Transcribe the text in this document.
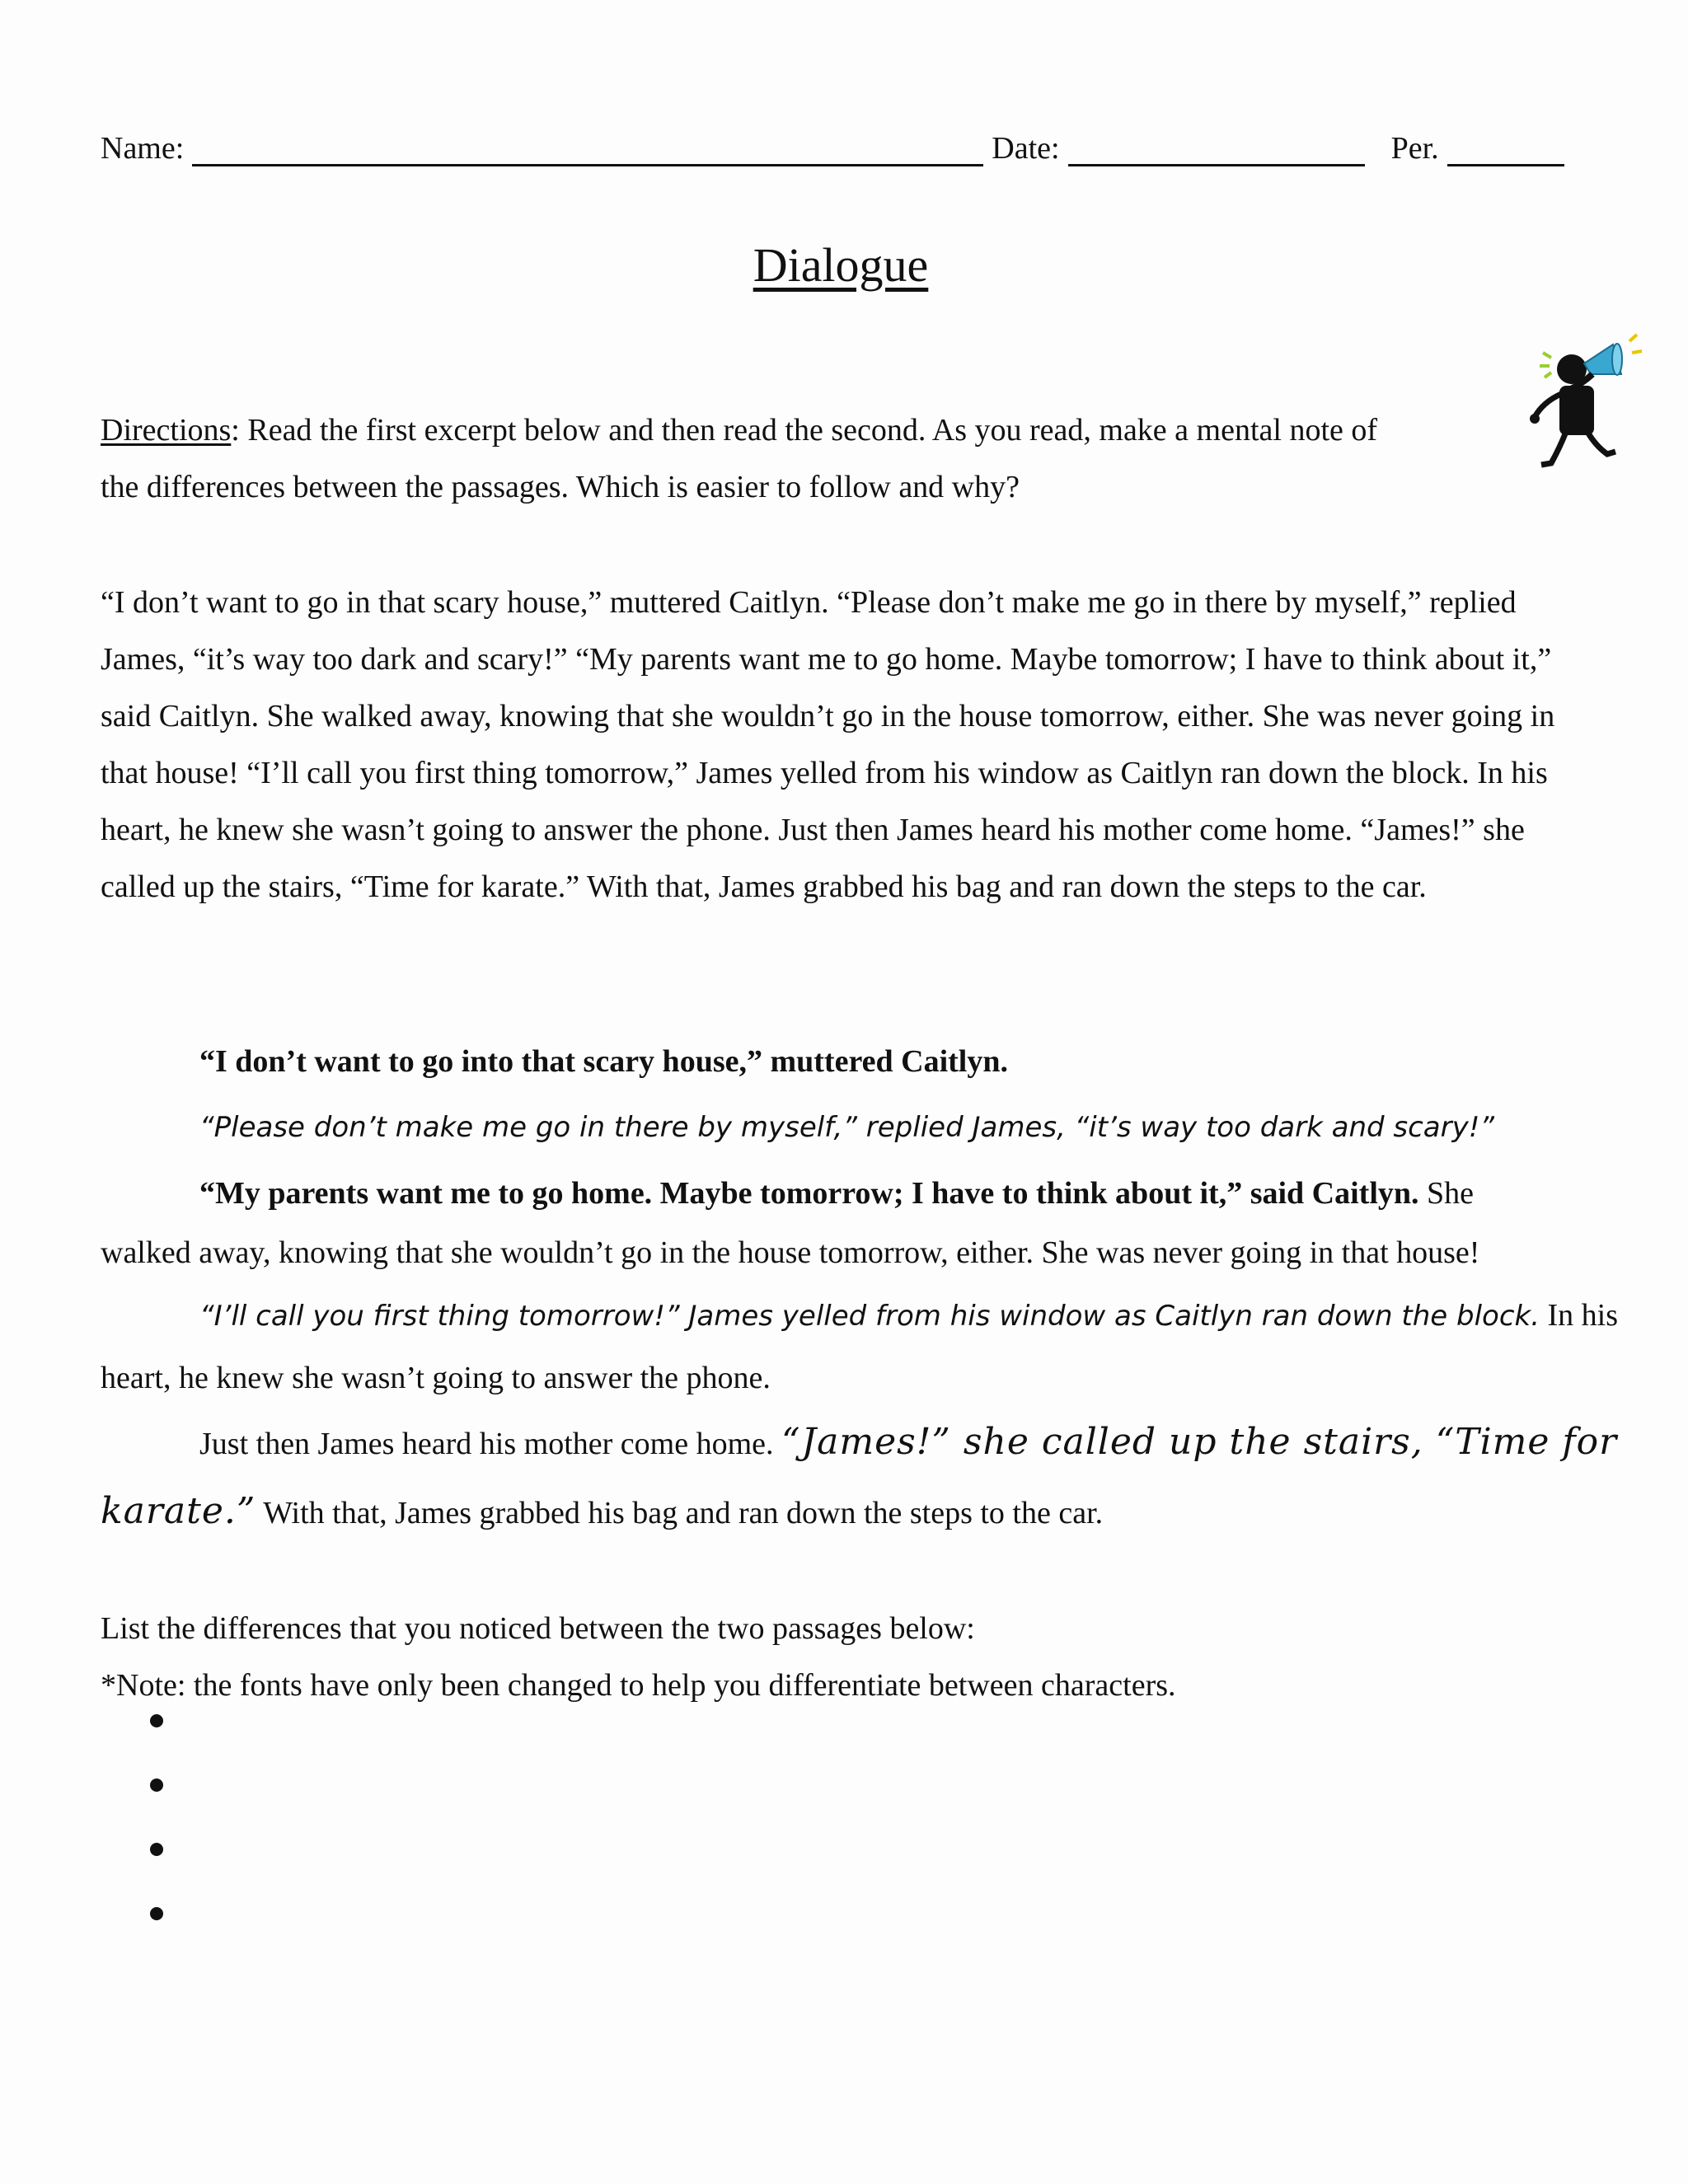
Name:	Date:	Per.
Dialogue
Directions: Read the first excerpt below and then read the second. As you read, make a mental note of the differences between the passages. Which is easier to follow and why?
“I don’t want to go in that scary house,” muttered Caitlyn. “Please don’t make me go in there by myself,” replied James, “it’s way too dark and scary!” “My parents want me to go home. Maybe tomorrow; I have to think about it,” said Caitlyn. She walked away, knowing that she wouldn’t go in the house tomorrow, either. She was never going in that house! “I’ll call you first thing tomorrow,” James yelled from his window as Caitlyn ran down the block. In his heart, he knew she wasn’t going to answer the phone. Just then James heard his mother come home. “James!” she called up the stairs, “Time for karate.” With that, James grabbed his bag and ran down the steps to the car.
“I don’t want to go into that scary house,” muttered Caitlyn.
“Please don’t make me go in there by myself,” replied James, “it’s way too dark and scary!”
“My parents want me to go home. Maybe tomorrow; I have to think about it,” said Caitlyn. She
walked away, knowing that she wouldn’t go in the house tomorrow, either. She was never going in that house!
“I’ll call you first thing tomorrow!” James yelled from his window as Caitlyn ran down the block. In his
heart, he knew she wasn’t going to answer the phone.
Just then James heard his mother come home. “James!” she called up the stairs, “Time for
karate.” With that, James grabbed his bag and ran down the steps to the car.
List the differences that you noticed between the two passages below:
*Note: the fonts have only been changed to help you differentiate between characters.
